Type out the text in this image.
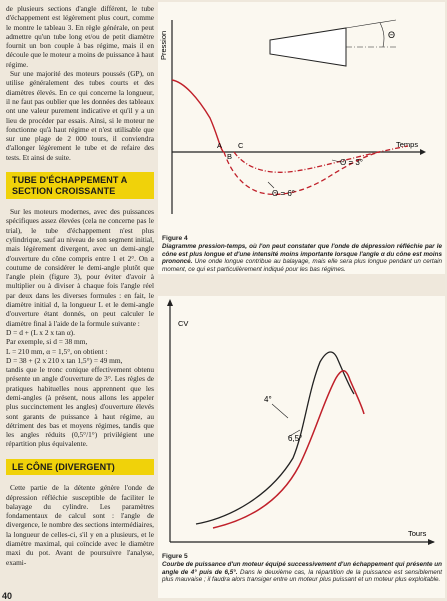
de plusieurs sections d'angle différent, le tube d'échappement est légèrement plus court, comme le montre le tableau 3. En règle générale, on peut admettre qu'un tube long et/ou de petit diamètre fournit un bon couple à bas régime, mais il en découle que le moteur a moins de puissance à haut régime.

Sur une majorité des moteurs poussés (GP), on utilise généralement des tubes courts et des diamètres élevés. En ce qui concerne la longueur, il ne faut pas oublier que les données des tableaux ont une valeur purement indicative et qu'il y a un lieu de procéder par essais. Ainsi, si le moteur ne fonctionne qu'à haut régime et n'est utilisable que sur une plage de 2 000 tours, il conviendra d'allonger légèrement le tube et de refaire des tests. Et ainsi de suite.

TUBE D'ÉCHAPPEMENT A SECTION CROISSANTE

Sur les moteurs modernes, avec des puissances spécifiques assez élevées (cela ne concerne pas le trial), le tube d'échappement n'est plus cylindrique, sauf au niveau de son segment initial, mais légèrement divergent, avec un demi-angle d'ouverture du cône compris entre 1 et 2°. On a coutume de considérer le demi-angle plutôt que l'angle plein (figure 3), pour éviter d'avoir à multiplier ou à diviser à chaque fois l'angle réel par deux dans les diverses formules : en fait, le diamètre initial d, la longueur L et le demi-angle d'ouverture étant donnés, on peut calculer le diamètre final à l'aide de la formule suivante :

D = d + (L x 2 x tan α).

Par exemple, si d = 38 mm,

L = 210 mm, α = 1,5°, on obtient :

D = 38 + (2 x 210 x tan 1,5°) = 49 mm,

tandis que le tronc conique effectivement obtenu présente un angle d'ouverture de 3°. Les règles de pratiques habituelles nous apprennent que les demi-angles (à présent, nous allons les appeler plus succinctement les angles) d'ouverture élevés sont garants de puissance à haut régime, au détriment des bas et moyens régimes, tandis que les angles réduits (0,5°/1°) privilégient une répartition plus équivalente.

LE CÔNE (DIVERGENT)

Cette partie de la détente génère l'onde de dépression réfléchie susceptible de faciliter le balayage du cylindre. Les paramètres fondamentaux de calcul sont : l'angle de divergence, le nombre des sections intermédiaires, la longueur de celles-ci, s'il y en a plusieurs, et le diamètre maximal, qui coïncide avec le diamètre maxi du pot. Avant de poursuivre l'analyse, exami-

Θ
Pression
Temps
A
B
C
Θ = 3°
Θ = 6°

Figure 4

Diagramme pression-temps, où l'on peut constater que l'onde de dépression réfléchie par le cône est plus longue et d'une intensité moins importante lorsque l'angle α du cône est moins prononcé. Une onde longue contribue au balayage, mais elle sera plus longue pendant un certain moment, ce qui est particulièrement indiqué pour les bas régimes.

CV
Tours
4°
6,5°

Figure 5

Courbe de puissance d'un moteur équipé successivement d'un échappement qui présente un angle de 4° puis de 6,5°. Dans le deuxième cas, la répartition de la puissance est sensiblement plus mauvaise ; il faudra alors transiger entre un moteur plus puissant et un moteur plus exploitable.

40
